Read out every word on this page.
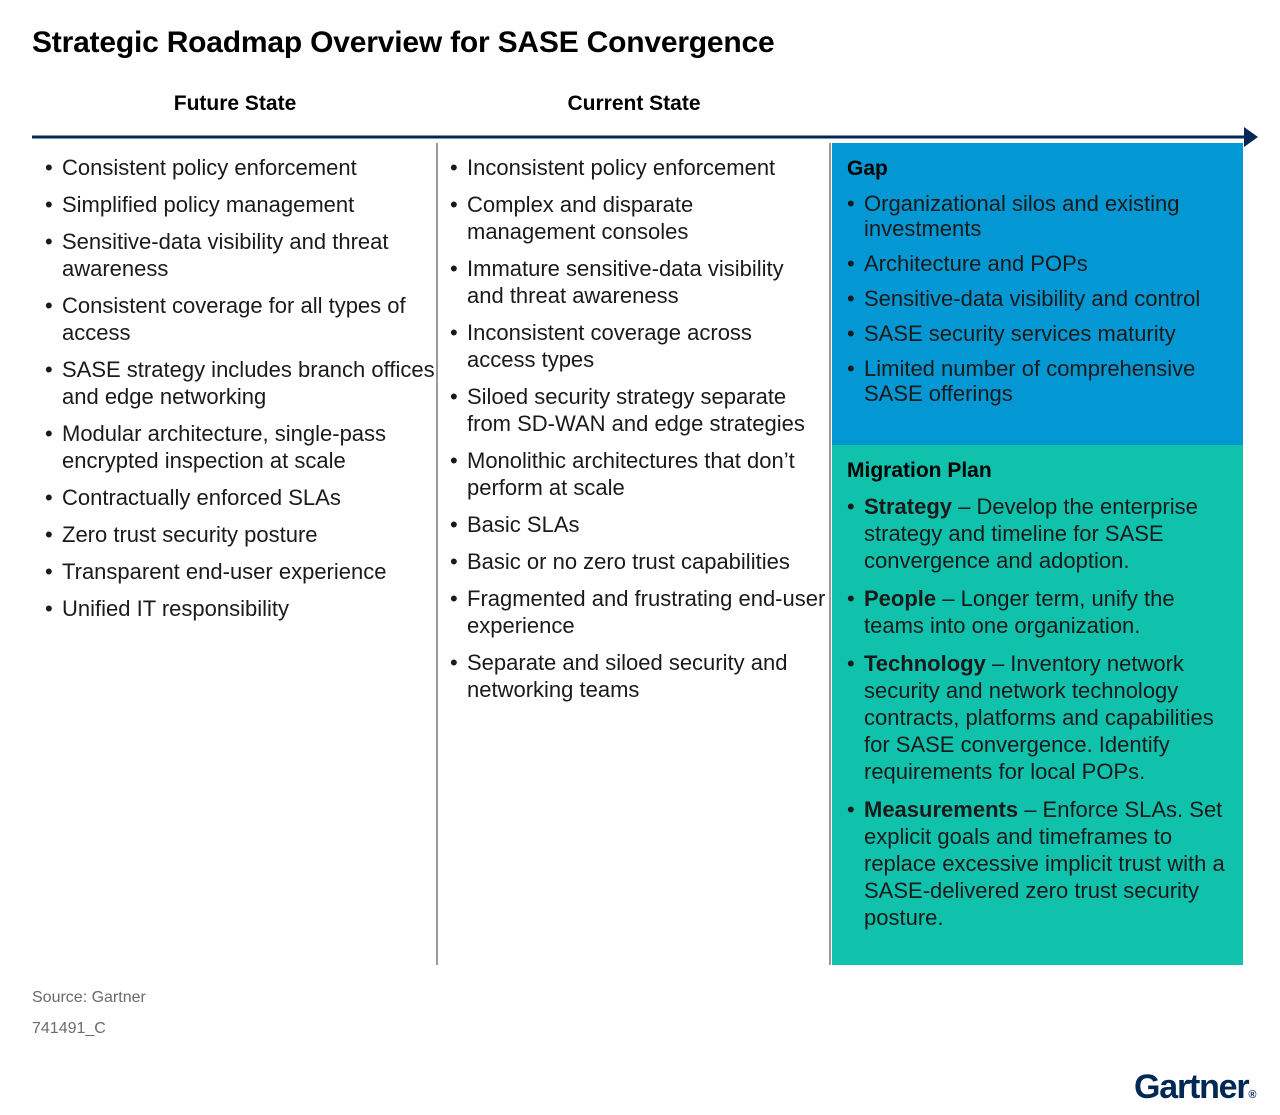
Strategic Roadmap Overview for SASE Convergence
Future State	Current State
• Consistent policy enforcement
• Simplified policy management
• Sensitive-data visibility and threat awareness
• Consistent coverage for all types of access
• SASE strategy includes branch offices and edge networking
• Modular architecture, single-pass encrypted inspection at scale
• Contractually enforced SLAs
• Zero trust security posture
• Transparent end-user experience
• Unified IT responsibility
• Inconsistent policy enforcement
• Complex and disparate management consoles
• Immature sensitive-data visibility and threat awareness
• Inconsistent coverage across access types
• Siloed security strategy separate from SD-WAN and edge strategies
• Monolithic architectures that don’t perform at scale
• Basic SLAs
• Basic or no zero trust capabilities
• Fragmented and frustrating end-user experience
• Separate and siloed security and networking teams
Gap
• Organizational silos and existing investments
• Architecture and POPs
• Sensitive-data visibility and control
• SASE security services maturity
• Limited number of comprehensive SASE offerings
Migration Plan
• Strategy – Develop the enterprise strategy and timeline for SASE convergence and adoption.
• People – Longer term, unify the teams into one organization.
• Technology – Inventory network security and network technology contracts, platforms and capabilities for SASE convergence. Identify requirements for local POPs.
• Measurements – Enforce SLAs. Set explicit goals and timeframes to replace excessive implicit trust with a SASE-delivered zero trust security posture.
Source: Gartner
741491_C
Gartner®
